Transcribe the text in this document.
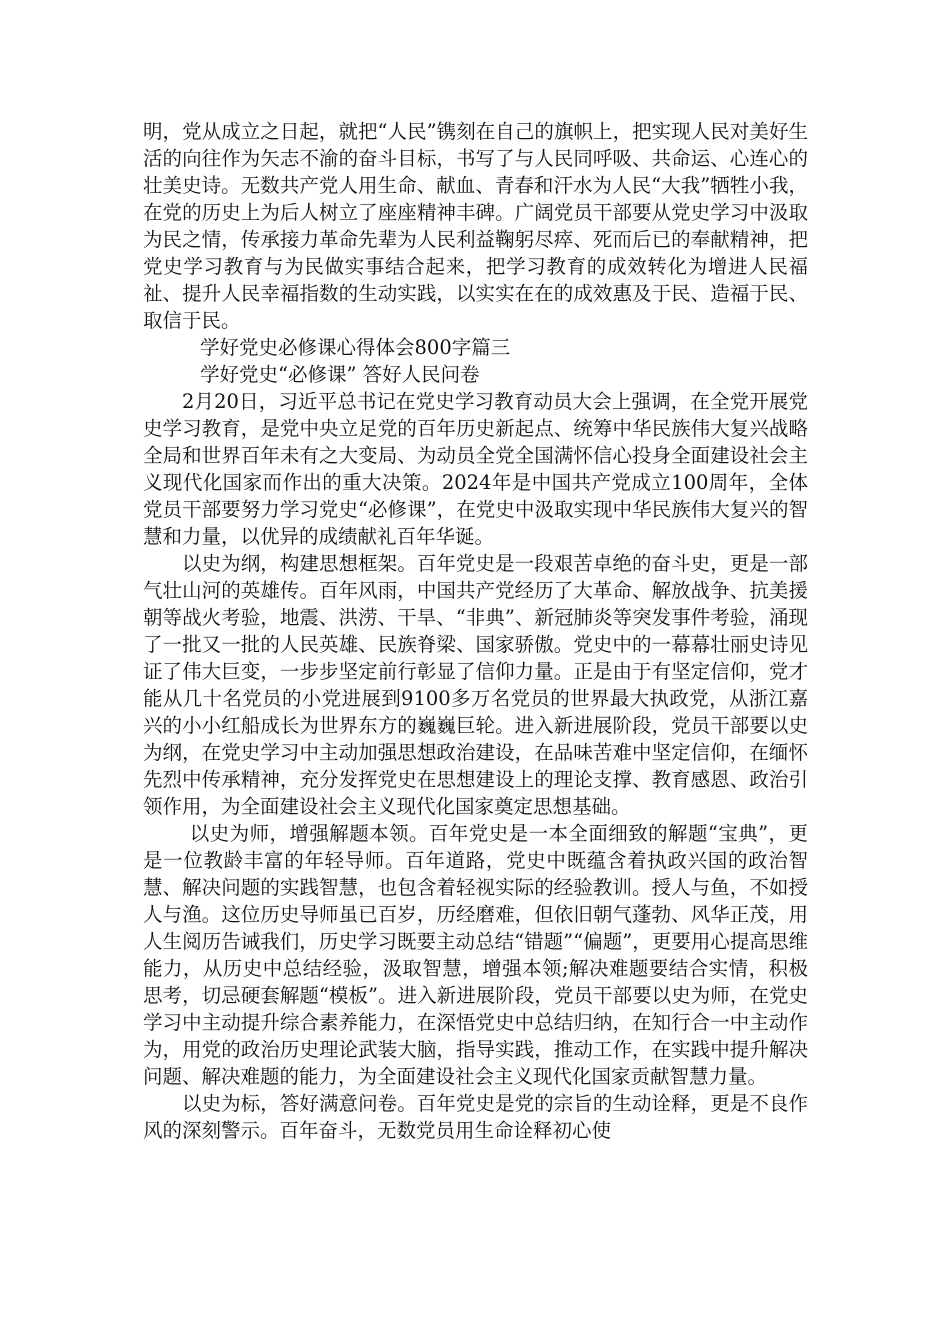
明，党从成立之日起，就把“人民”镌刻在自己的旗帜上，把实现人民对美好生活的向往作为矢志不渝的奋斗目标，书写了与人民同呼吸、共命运、心连心的壮美史诗。无数共产党人用生命、献血、青春和汗水为人民“大我”牺牲小我，在党的历史上为后人树立了座座精神丰碑。广阔党员干部要从党史学习中汲取为民之情，传承接力革命先辈为人民利益鞠躬尽瘁、死而后已的奉献精神，把党史学习教育与为民做实事结合起来，把学习教育的成效转化为增进人民福祉、提升人民幸福指数的生动实践，以实实在在的成效惠及于民、造福于民、取信于民。

学好党史必修课心得体会800字篇三

学好党史“必修课” 答好人民问卷

2月20日，习近平总书记在党史学习教育动员大会上强调，在全党开展党史学习教育，是党中央立足党的百年历史新起点、统筹中华民族伟大复兴战略全局和世界百年未有之大变局、为动员全党全国满怀信心投身全面建设社会主义现代化国家而作出的重大决策。2024年是中国共产党成立100周年，全体党员干部要努力学习党史“必修课”，在党史中汲取实现中华民族伟大复兴的智慧和力量，以优异的成绩献礼百年华诞。

以史为纲，构建思想框架。百年党史是一段艰苦卓绝的奋斗史，更是一部气壮山河的英雄传。百年风雨，中国共产党经历了大革命、解放战争、抗美援朝等战火考验，地震、洪涝、干旱、“非典”、新冠肺炎等突发事件考验，涌现了一批又一批的人民英雄、民族脊梁、国家骄傲。党史中的一幕幕壮丽史诗见证了伟大巨变，一步步坚定前行彰显了信仰力量。正是由于有坚定信仰，党才能从几十名党员的小党进展到9100多万名党员的世界最大执政党，从浙江嘉兴的小小红船成长为世界东方的巍巍巨轮。进入新进展阶段，党员干部要以史为纲，在党史学习中主动加强思想政治建设，在品味苦难中坚定信仰，在缅怀先烈中传承精神，充分发挥党史在思想建设上的理论支撑、教育感恩、政治引领作用，为全面建设社会主义现代化国家奠定思想基础。

以史为师，增强解题本领。百年党史是一本全面细致的解题“宝典”，更是一位教龄丰富的年轻导师。百年道路，党史中既蕴含着执政兴国的政治智慧、解决问题的实践智慧，也包含着轻视实际的经验教训。授人与鱼，不如授人与渔。这位历史导师虽已百岁，历经磨难，但依旧朝气蓬勃、风华正茂，用人生阅历告诫我们，历史学习既要主动总结“错题”“偏题”，更要用心提高思维能力，从历史中总结经验，汲取智慧，增强本领;解决难题要结合实情，积极思考，切忌硬套解题“模板”。进入新进展阶段，党员干部要以史为师，在党史学习中主动提升综合素养能力，在深悟党史中总结归纳，在知行合一中主动作为，用党的政治历史理论武装大脑，指导实践，推动工作，在实践中提升解决问题、解决难题的能力，为全面建设社会主义现代化国家贡献智慧力量。

以史为标，答好满意问卷。百年党史是党的宗旨的生动诠释，更是不良作风的深刻警示。百年奋斗，无数党员用生命诠释初心使
